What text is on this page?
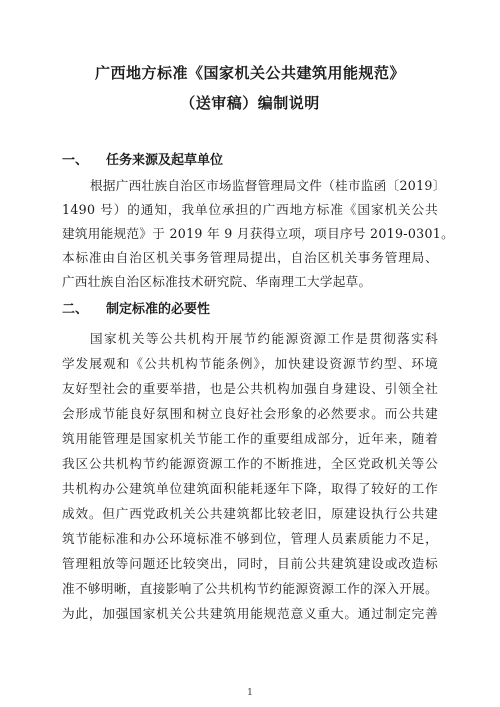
广西地方标准《国家机关公共建筑用能规范》
（送审稿）编制说明
一、 任务来源及起草单位
根据广西壮族自治区市场监督管理局文件（桂市监函〔2019〕
1490 号）的通知，我单位承担的广西地方标准《国家机关公共
建筑用能规范》于 2019 年 9 月获得立项，项目序号 2019-0301。
本标准由自治区机关事务管理局提出，自治区机关事务管理局、
广西壮族自治区标准技术研究院、华南理工大学起草。
二、 制定标准的必要性
国家机关等公共机构开展节约能源资源工作是贯彻落实科
学发展观和《公共机构节能条例》，加快建设资源节约型、环境
友好型社会的重要举措，也是公共机构加强自身建设、引领全社
会形成节能良好氛围和树立良好社会形象的必然要求。而公共建
筑用能管理是国家机关节能工作的重要组成部分，近年来，随着
我区公共机构节约能源资源工作的不断推进，全区党政机关等公
共机构办公建筑单位建筑面积能耗逐年下降，取得了较好的工作
成效。但广西党政机关公共建筑都比较老旧，原建设执行公共建
筑节能标准和办公环境标准不够到位，管理人员素质能力不足，
管理粗放等问题还比较突出，同时，目前公共建筑建设或改造标
准不够明晰，直接影响了公共机构节约能源资源工作的深入开展。
为此，加强国家机关公共建筑用能规范意义重大。通过制定完善
1
